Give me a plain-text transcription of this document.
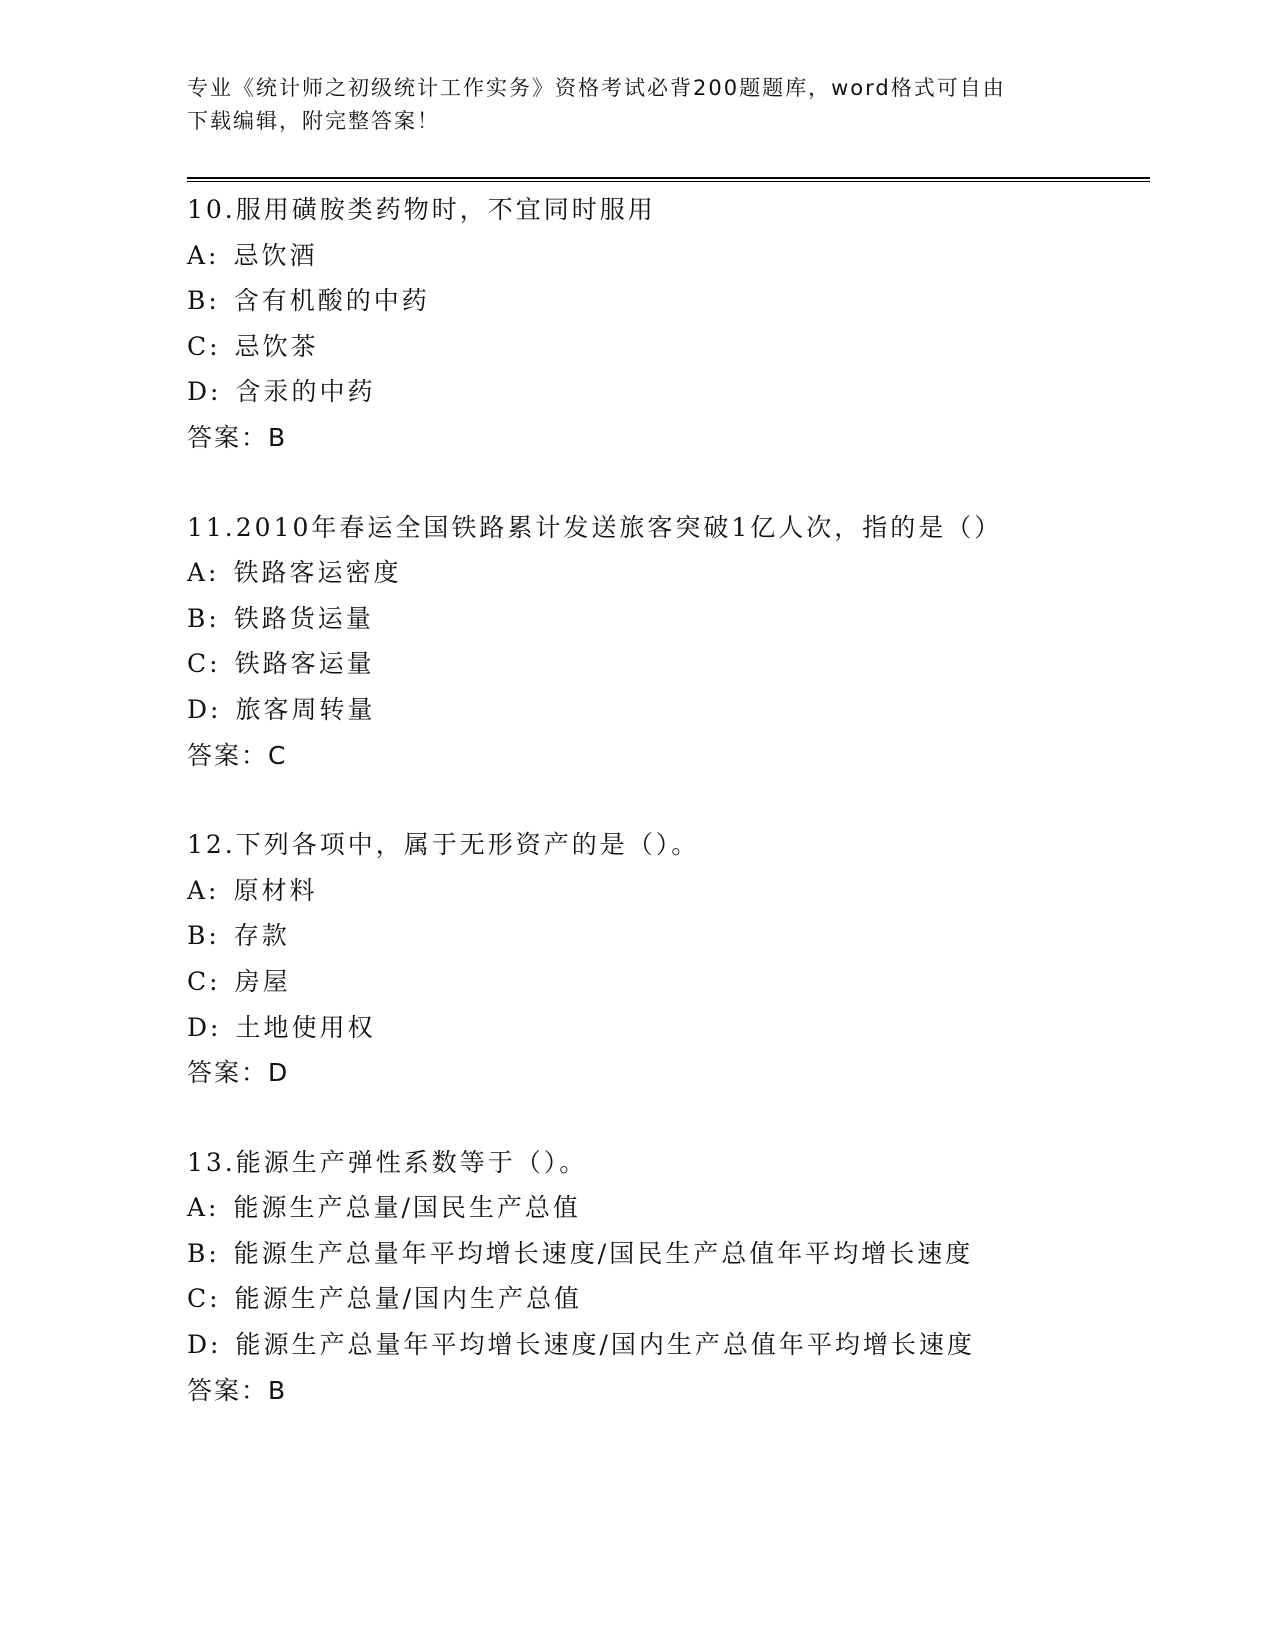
专业《统计师之初级统计工作实务》资格考试必背200题题库，word格式可自由
下载编辑，附完整答案！
10.服用磺胺类药物时，不宜同时服用
A: 忌饮酒
B: 含有机酸的中药
C: 忌饮茶
D: 含汞的中药
答案：B
11.2010年春运全国铁路累计发送旅客突破1亿人次，指的是（）
A: 铁路客运密度
B: 铁路货运量
C: 铁路客运量
D: 旅客周转量
答案：C
12.下列各项中，属于无形资产的是（）。
A: 原材料
B: 存款
C: 房屋
D: 土地使用权
答案：D
13.能源生产弹性系数等于（）。
A: 能源生产总量/国民生产总值
B: 能源生产总量年平均增长速度/国民生产总值年平均增长速度
C: 能源生产总量/国内生产总值
D: 能源生产总量年平均增长速度/国内生产总值年平均增长速度
答案：B
